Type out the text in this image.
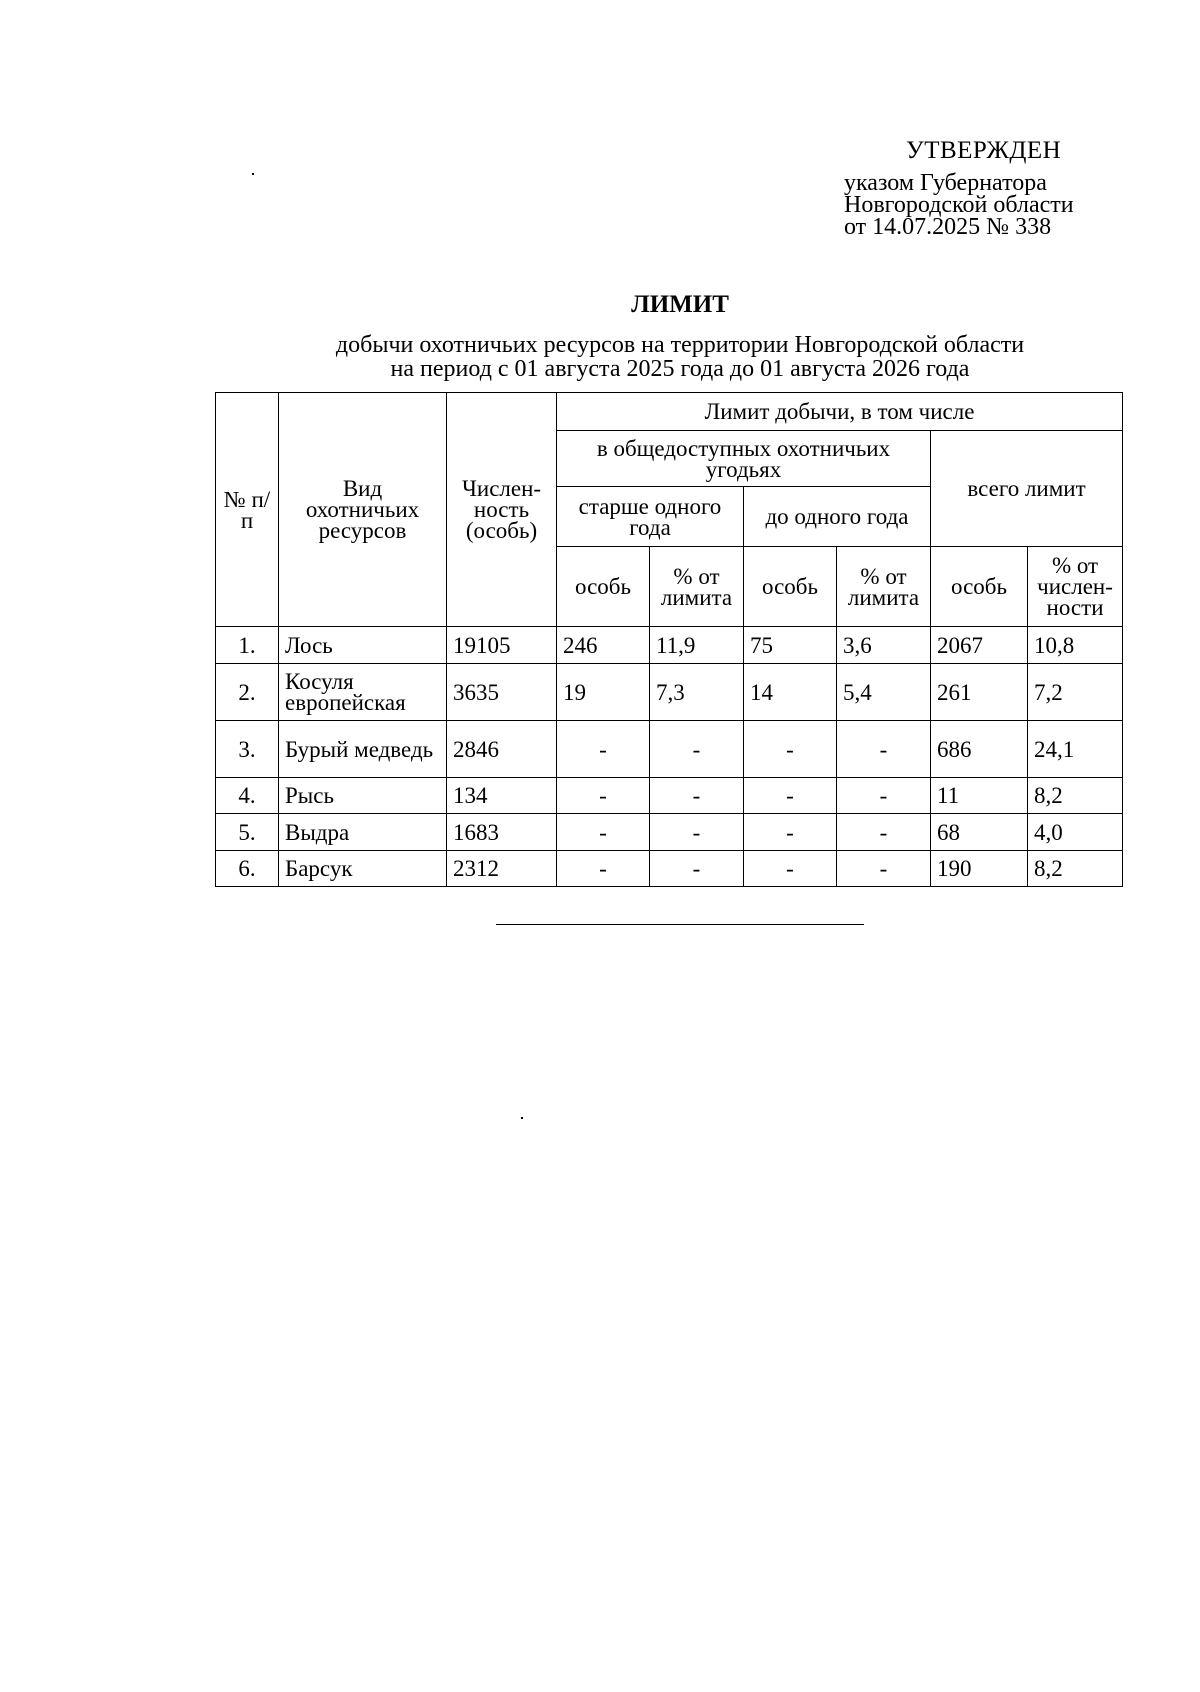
УТВЕРЖДЕН
указом Губернатора
Новгородской области
от 14.07.2025 № 338
ЛИМИТ
добычи охотничьих ресурсов на территории Новгородской области
на период с 01 августа 2025 года до 01 августа 2026 года
№ п/п	Вид охотничьих ресурсов	Числен-ность (особь)	Лимит добычи, в том числе					
			в общедоступных охотничьих угодьях				всего лимит	
			старше одного года		до одного года			
			особь	% от лимита	особь	% от лимита	особь	% от числен-ности
1.	Лось	19105	246	11,9	75	3,6	2067	10,8
2.	Косуля европейская	3635	19	7,3	14	5,4	261	7,2
3.	Бурый медведь	2846	-	-	-	-	686	24,1
4.	Рысь	134	-	-	-	-	11	8,2
5.	Выдра	1683	-	-	-	-	68	4,0
6.	Барсук	2312	-	-	-	-	190	8,2
